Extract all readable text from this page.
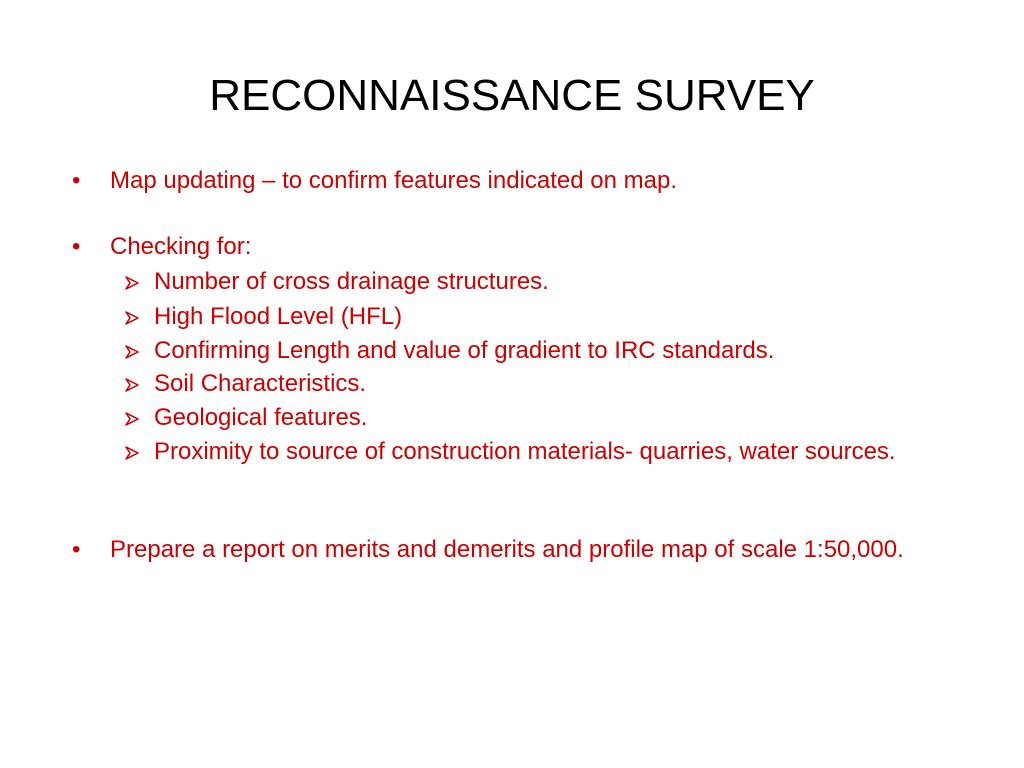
RECONNAISSANCE SURVEY
• Map updating – to confirm features indicated on map.
• Checking for:
Number of cross drainage structures.
High Flood Level (HFL)
Confirming Length and value of gradient to IRC standards.
Soil Characteristics.
Geological features.
Proximity to source of construction materials- quarries, water sources.
• Prepare a report on merits and demerits and profile map of scale 1:50,000.
